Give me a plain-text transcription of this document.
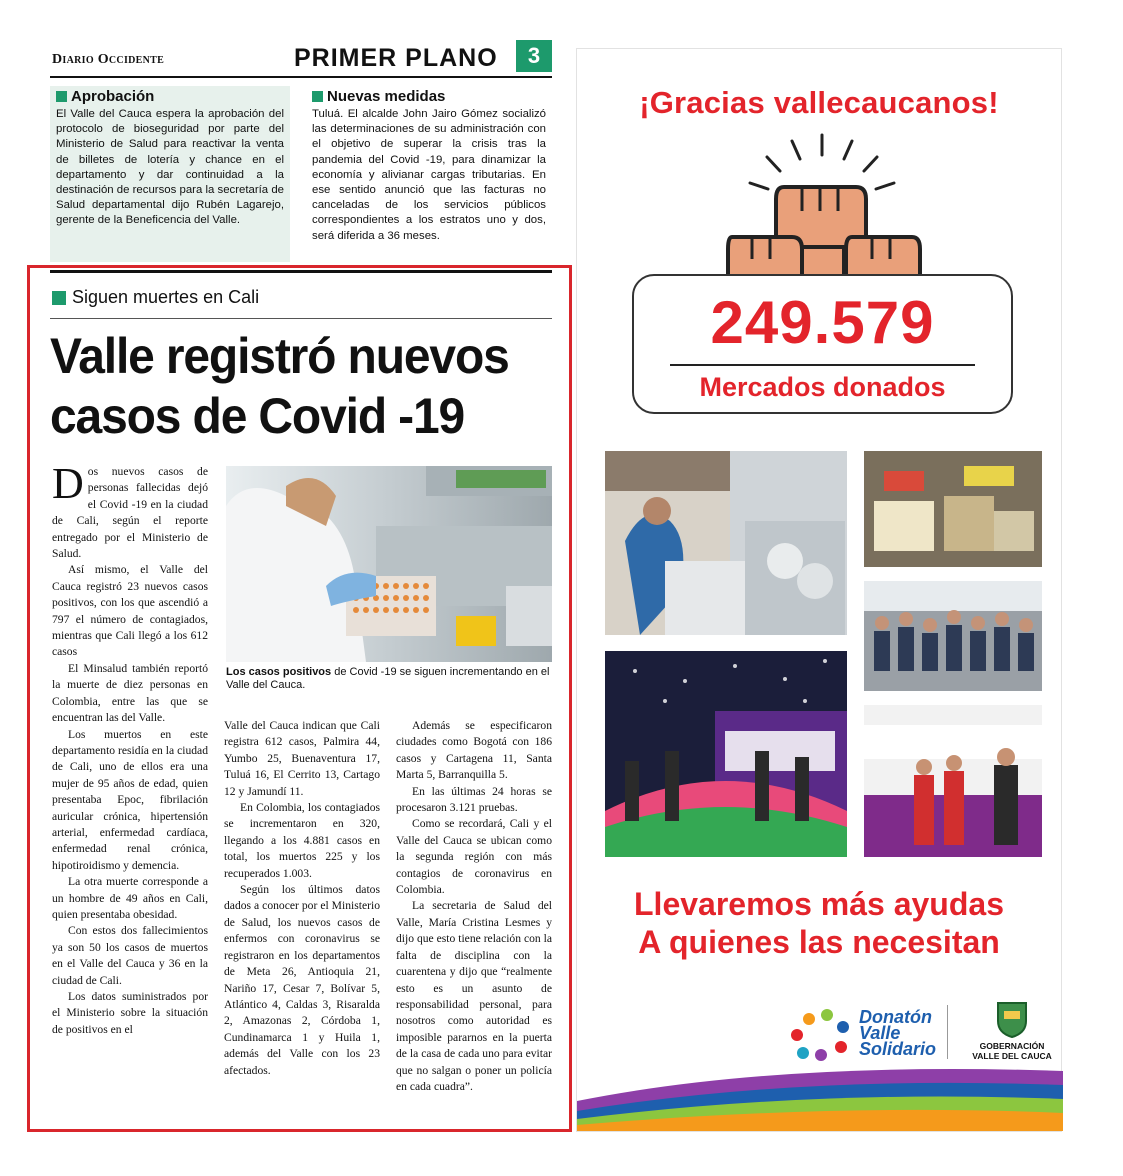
Diario Occidente	PRIMER PLANO	3
Aprobación
El Valle del Cauca espera la aprobación del protocolo de bioseguridad por parte del Ministerio de Salud para reactivar la venta de billetes de lotería y chance en el departamento y dar continuidad a la destinación de recursos para la secretaría de Salud departamental dijo Rubén Lagarejo, gerente de la Beneficencia del Valle.
Nuevas medidas
Tuluá. El alcalde John Jairo Gómez socializó las determinaciones de su administración con el objetivo de superar la crisis tras la pandemia del Covid -19, para dinamizar la economía y alivianar cargas tributarias. En ese sentido anunció que las facturas no canceladas de los servicios públicos correspondientes a los estratos uno y dos, será diferida a 36 meses.
Siguen muertes en Cali
Valle registró nuevos casos de Covid -19

Dos nuevos casos de personas fallecidas dejó el Covid -19 en la ciudad de Cali, según el reporte entregado por el Ministerio de Salud.

Así mismo, el Valle del Cauca registró 23 nuevos casos positivos, con los que ascendió a 797 el número de contagiados, mientras que Cali llegó a los 612 casos

El Minsalud también reportó la muerte de diez personas en Colombia, entre las que se encuentran las del Valle.

Los muertos en este departamento residía en la ciudad de Cali, uno de ellos era una mujer de 95 años de edad, quien presentaba Epoc, fibrilación auricular crónica, hipertensión arterial, enfermedad cardíaca, enfermedad renal crónica, hipotiroidismo y demencia.

La otra muerte corresponde a un hombre de 49 años en Cali, quien presentaba obesidad.

Con estos dos fallecimientos ya son 50 los casos de muertos en el Valle del Cauca y 36 en la ciudad de Cali.

Los datos suministrados por el Ministerio sobre la situación de positivos en el

Los casos positivos de Covid -19 se siguen incrementando en el Valle del Cauca.

Valle del Cauca indican que Cali registra 612 casos, Palmira 44, Yumbo 25, Buenaventura 17, Tuluá 16, El Cerrito 13, Cartago 12 y Jamundí 11.

En Colombia, los contagiados se incrementaron en 320, llegando a los 4.881 casos en total, los muertos 225 y los recuperados 1.003.

Según los últimos datos dados a conocer por el Ministerio de Salud, los nuevos casos de enfermos con coronavirus se registraron en los departamentos de Meta 26, Antioquia 21, Nariño 17, Cesar 7, Bolívar 5, Atlántico 4, Caldas 3, Risaralda 2, Amazonas 2, Córdoba 1, Cundinamarca 1 y Huila 1, además del Valle con los 23 afectados.

Además se especificaron ciudades como Bogotá con 186 casos y Cartagena 11, Santa Marta 5, Barranquilla 5.

En las últimas 24 horas se procesaron 3.121 pruebas.

Como se recordará, Cali y el Valle del Cauca se ubican como la segunda región con más contagios de coronavirus en Colombia.

La secretaria de Salud del Valle, María Cristina Lesmes y dijo que esto tiene relación con la falta de disciplina con la cuarentena y dijo que “realmente esto es un asunto de responsabilidad personal, para nosotros como autoridad es imposible pararnos en la puerta de la casa de cada uno para evitar que no salgan o poner un policía en cada cuadra”.

¡Gracias vallecaucanos!
249.579
Mercados donados
Llevaremos más ayudas
A quienes las necesitan
Donatón
Valle
Solidario	GOBERNACIÓN
VALLE DEL CAUCA
